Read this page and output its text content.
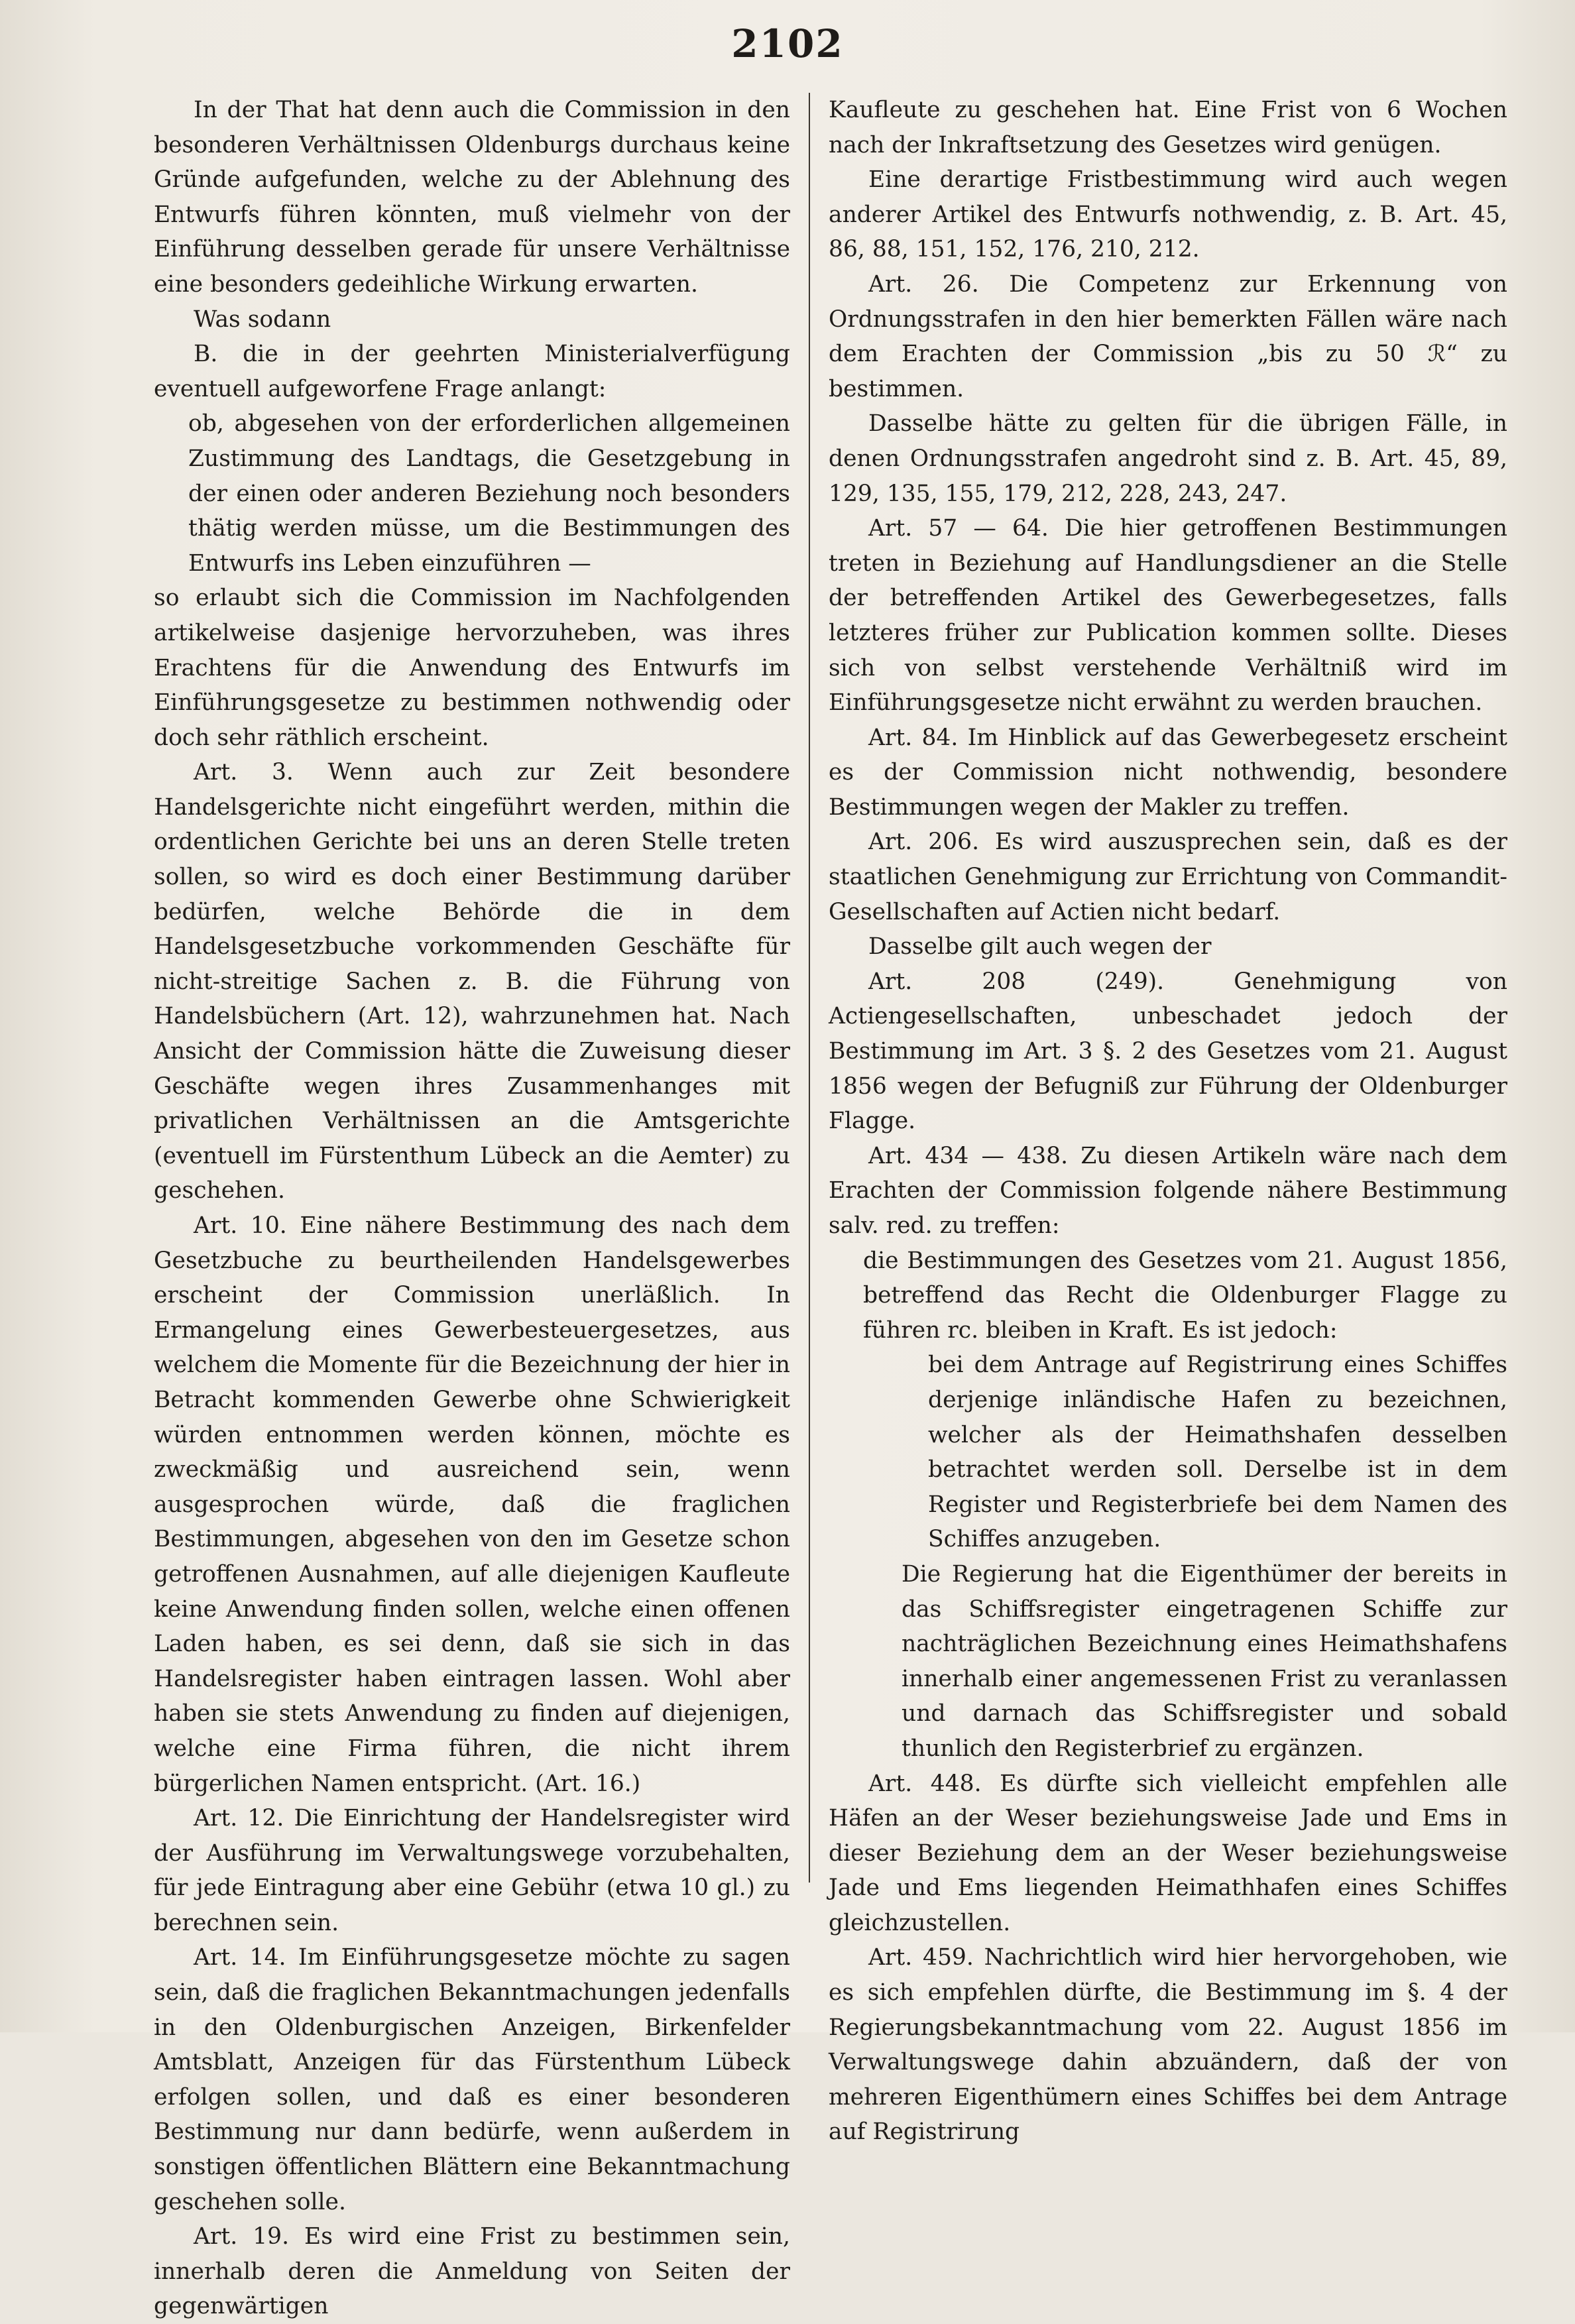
2102

In der That hat denn auch die Commission in den besonderen Verhältnissen Oldenburgs durchaus keine Gründe aufgefunden, welche zu der Ablehnung des Entwurfs führen könnten, muß vielmehr von der Einführung desselben gerade für unsere Verhältnisse eine besonders gedeihliche Wirkung erwarten.

Was sodann

B. die in der geehrten Ministerialverfügung eventuell aufgeworfene Frage anlangt:

ob, abgesehen von der erforderlichen allgemeinen Zustimmung des Landtags, die Gesetzgebung in der einen oder anderen Beziehung noch besonders thätig werden müsse, um die Bestimmungen des Entwurfs ins Leben einzuführen —

so erlaubt sich die Commission im Nachfolgenden artikelweise dasjenige hervorzuheben, was ihres Erachtens für die Anwendung des Entwurfs im Einführungsgesetze zu bestimmen nothwendig oder doch sehr räthlich erscheint.

Art. 3. Wenn auch zur Zeit besondere Handelsgerichte nicht eingeführt werden, mithin die ordentlichen Gerichte bei uns an deren Stelle treten sollen, so wird es doch einer Bestimmung darüber bedürfen, welche Behörde die in dem Handelsgesetzbuche vorkommenden Geschäfte für nicht-streitige Sachen z. B. die Führung von Handelsbüchern (Art. 12), wahrzunehmen hat. Nach Ansicht der Commission hätte die Zuweisung dieser Geschäfte wegen ihres Zusammenhanges mit privatlichen Verhältnissen an die Amtsgerichte (eventuell im Fürstenthum Lübeck an die Aemter) zu geschehen.

Art. 10. Eine nähere Bestimmung des nach dem Gesetzbuche zu beurtheilenden Handelsgewerbes erscheint der Commission unerläßlich. In Ermangelung eines Gewerbesteuergesetzes, aus welchem die Momente für die Bezeichnung der hier in Betracht kommenden Gewerbe ohne Schwierigkeit würden entnommen werden können, möchte es zweckmäßig und ausreichend sein, wenn ausgesprochen würde, daß die fraglichen Bestimmungen, abgesehen von den im Gesetze schon getroffenen Ausnahmen, auf alle diejenigen Kaufleute keine Anwendung finden sollen, welche einen offenen Laden haben, es sei denn, daß sie sich in das Handelsregister haben eintragen lassen. Wohl aber haben sie stets Anwendung zu finden auf diejenigen, welche eine Firma führen, die nicht ihrem bürgerlichen Namen entspricht. (Art. 16.)

Art. 12. Die Einrichtung der Handelsregister wird der Ausführung im Verwaltungswege vorzubehalten, für jede Eintragung aber eine Gebühr (etwa 10 gl.) zu berechnen sein.

Art. 14. Im Einführungsgesetze möchte zu sagen sein, daß die fraglichen Bekanntmachungen jedenfalls in den Oldenburgischen Anzeigen, Birkenfelder Amtsblatt, Anzeigen für das Fürstenthum Lübeck erfolgen sollen, und daß es einer besonderen Bestimmung nur dann bedürfe, wenn außerdem in sonstigen öffentlichen Blättern eine Bekanntmachung geschehen solle.

Art. 19. Es wird eine Frist zu bestimmen sein, innerhalb deren die Anmeldung von Seiten der gegenwärtigen

Kaufleute zu geschehen hat. Eine Frist von 6 Wochen nach der Inkraftsetzung des Gesetzes wird genügen.

Eine derartige Fristbestimmung wird auch wegen anderer Artikel des Entwurfs nothwendig, z. B. Art. 45, 86, 88, 151, 152, 176, 210, 212.

Art. 26. Die Competenz zur Erkennung von Ordnungsstrafen in den hier bemerkten Fällen wäre nach dem Erachten der Commission „bis zu 50 ℛ“ zu bestimmen.

Dasselbe hätte zu gelten für die übrigen Fälle, in denen Ordnungsstrafen angedroht sind z. B. Art. 45, 89, 129, 135, 155, 179, 212, 228, 243, 247.

Art. 57 — 64. Die hier getroffenen Bestimmungen treten in Beziehung auf Handlungsdiener an die Stelle der betreffenden Artikel des Gewerbegesetzes, falls letzteres früher zur Publication kommen sollte. Dieses sich von selbst verstehende Verhältniß wird im Einführungsgesetze nicht erwähnt zu werden brauchen.

Art. 84. Im Hinblick auf das Gewerbegesetz erscheint es der Commission nicht nothwendig, besondere Bestimmungen wegen der Makler zu treffen.

Art. 206. Es wird auszusprechen sein, daß es der staatlichen Genehmigung zur Errichtung von Commandit-Gesellschaften auf Actien nicht bedarf.

Dasselbe gilt auch wegen der

Art. 208 (249). Genehmigung von Actiengesellschaften, unbeschadet jedoch der Bestimmung im Art. 3 §. 2 des Gesetzes vom 21. August 1856 wegen der Befugniß zur Führung der Oldenburger Flagge.

Art. 434 — 438. Zu diesen Artikeln wäre nach dem Erachten der Commission folgende nähere Bestimmung salv. red. zu treffen:

die Bestimmungen des Gesetzes vom 21. August 1856, betreffend das Recht die Oldenburger Flagge zu führen rc. bleiben in Kraft. Es ist jedoch:

bei dem Antrage auf Registrirung eines Schiffes derjenige inländische Hafen zu bezeichnen, welcher als der Heimathshafen desselben betrachtet werden soll. Derselbe ist in dem Register und Registerbriefe bei dem Namen des Schiffes anzugeben.

Die Regierung hat die Eigenthümer der bereits in das Schiffsregister eingetragenen Schiffe zur nachträglichen Bezeichnung eines Heimathshafens innerhalb einer angemessenen Frist zu veranlassen und darnach das Schiffsregister und sobald thunlich den Registerbrief zu ergänzen.

Art. 448. Es dürfte sich vielleicht empfehlen alle Häfen an der Weser beziehungsweise Jade und Ems in dieser Beziehung dem an der Weser beziehungsweise Jade und Ems liegenden Heimathhafen eines Schiffes gleichzustellen.

Art. 459. Nachrichtlich wird hier hervorgehoben, wie es sich empfehlen dürfte, die Bestimmung im §. 4 der Regierungsbekanntmachung vom 22. August 1856 im Verwaltungswege dahin abzuändern, daß der von mehreren Eigenthümern eines Schiffes bei dem Antrage auf Registrirung
